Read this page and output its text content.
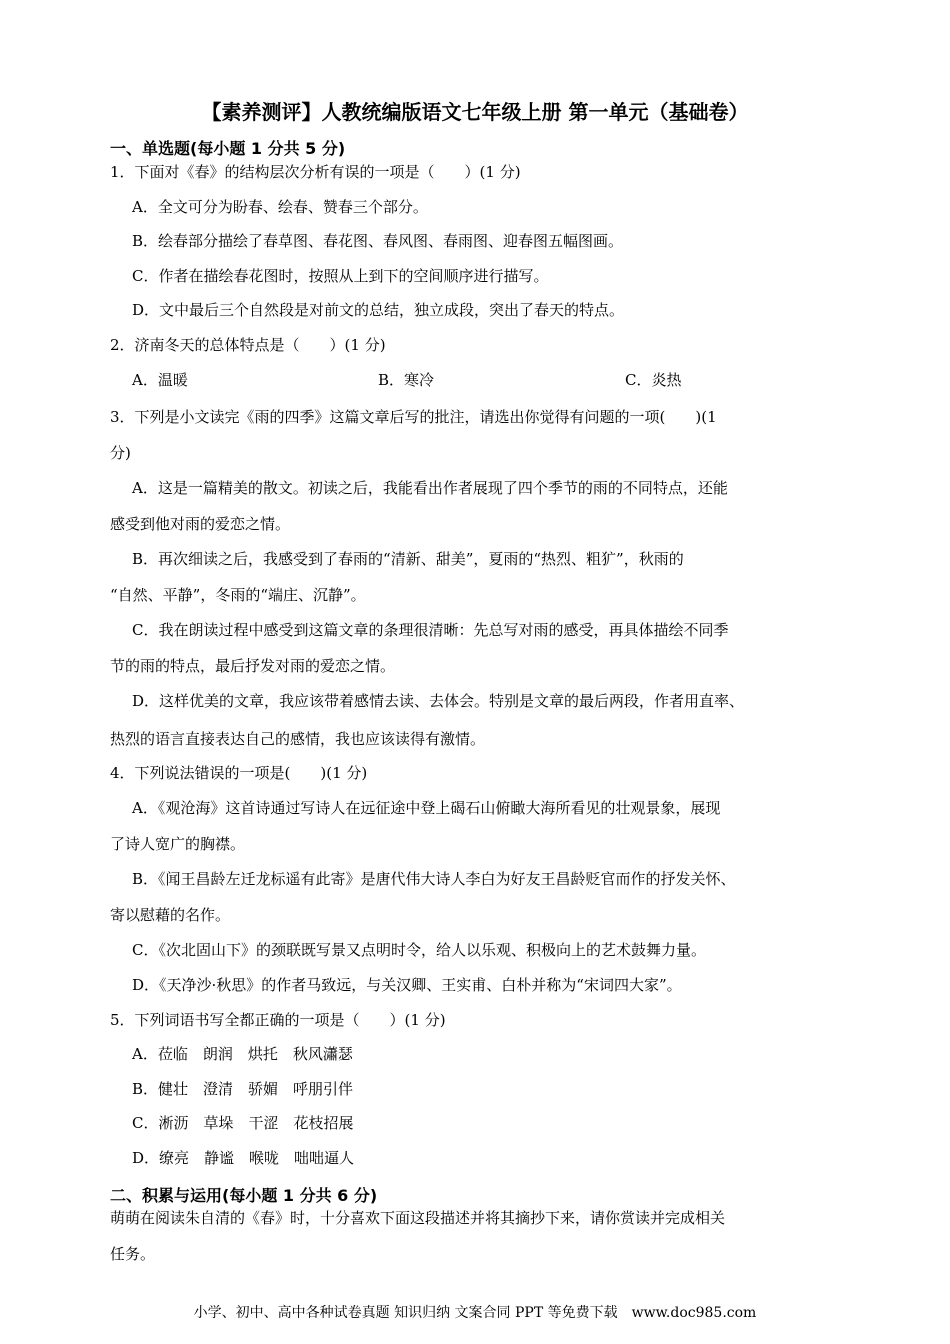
【素养测评】人教统编版语文七年级上册 第一单元（基础卷）
一、单选题(每小题 1 分共 5 分)
1．下面对《春》的结构层次分析有误的一项是（　　）(1 分)
A．全文可分为盼春、绘春、赞春三个部分。
B．绘春部分描绘了春草图、春花图、春风图、春雨图、迎春图五幅图画。
C．作者在描绘春花图时，按照从上到下的空间顺序进行描写。
D．文中最后三个自然段是对前文的总结，独立成段，突出了春天的特点。
2．济南冬天的总体特点是（　　）(1 分)
A．温暖	B．寒冷	C．炎热
3．下列是小文读完《雨的四季》这篇文章后写的批注，请选出你觉得有问题的一项(　　)(1
分)
A．这是一篇精美的散文。初读之后，我能看出作者展现了四个季节的雨的不同特点，还能
感受到他对雨的爱恋之情。
B．再次细读之后，我感受到了春雨的“清新、甜美”，夏雨的“热烈、粗犷”，秋雨的
“自然、平静”，冬雨的“端庄、沉静”。
C．我在朗读过程中感受到这篇文章的条理很清晰：先总写对雨的感受，再具体描绘不同季
节的雨的特点，最后抒发对雨的爱恋之情。
D．这样优美的文章，我应该带着感情去读、去体会。特别是文章的最后两段，作者用直率、
热烈的语言直接表达自己的感情，我也应该读得有激情。
4．下列说法错误的一项是(　　)(1 分)
A．《观沧海》这首诗通过写诗人在远征途中登上碣石山俯瞰大海所看见的壮观景象，展现
了诗人宽广的胸襟。
B．《闻王昌龄左迁龙标遥有此寄》是唐代伟大诗人李白为好友王昌龄贬官而作的抒发关怀、
寄以慰藉的名作。
C．《次北固山下》的颈联既写景又点明时令，给人以乐观、积极向上的艺术鼓舞力量。
D．《天净沙·秋思》的作者马致远，与关汉卿、王实甫、白朴并称为“宋词四大家”。
5．下列词语书写全都正确的一项是（　　）(1 分)
A．莅临　朗润　烘托　秋风瀟瑟
B．健壮　澄清　骄媚　呼朋引伴
C．淅沥　草垛　干涩　花枝招展
D．缭亮　静谧　喉咙　咄咄逼人
二、积累与运用(每小题 1 分共 6 分)
萌萌在阅读朱自清的《春》时，十分喜欢下面这段描述并将其摘抄下来，请你赏读并完成相关
任务。
小学、初中、高中各种试卷真题 知识归纳 文案合同 PPT 等免费下载　www.doc985.com
